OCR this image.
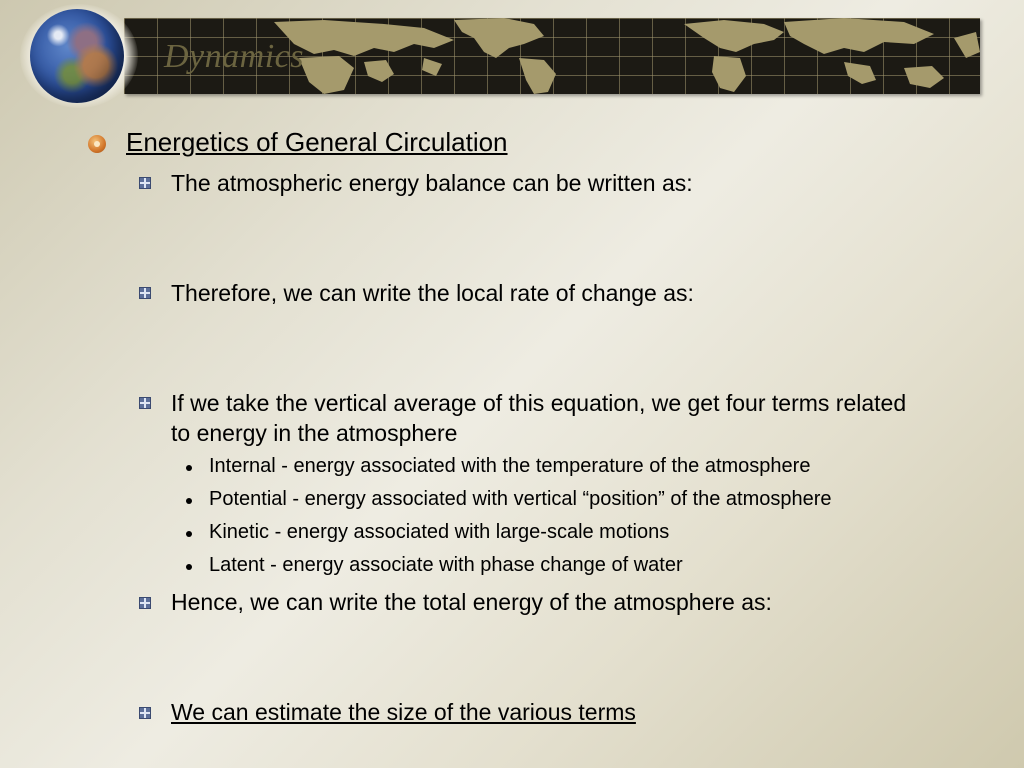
Dynamics
Energetics of General Circulation
The atmospheric energy balance can be written as:
Therefore, we can write the local rate of change as:
If we take the vertical average of this equation, we get four terms related to energy in the atmosphere
Internal - energy associated with the temperature of the atmosphere
Potential - energy associated with vertical “position” of the atmosphere
Kinetic - energy associated with large-scale motions
Latent - energy associate with phase change of water
Hence, we can write the total energy of the atmosphere as:
We can estimate the size of the various terms
